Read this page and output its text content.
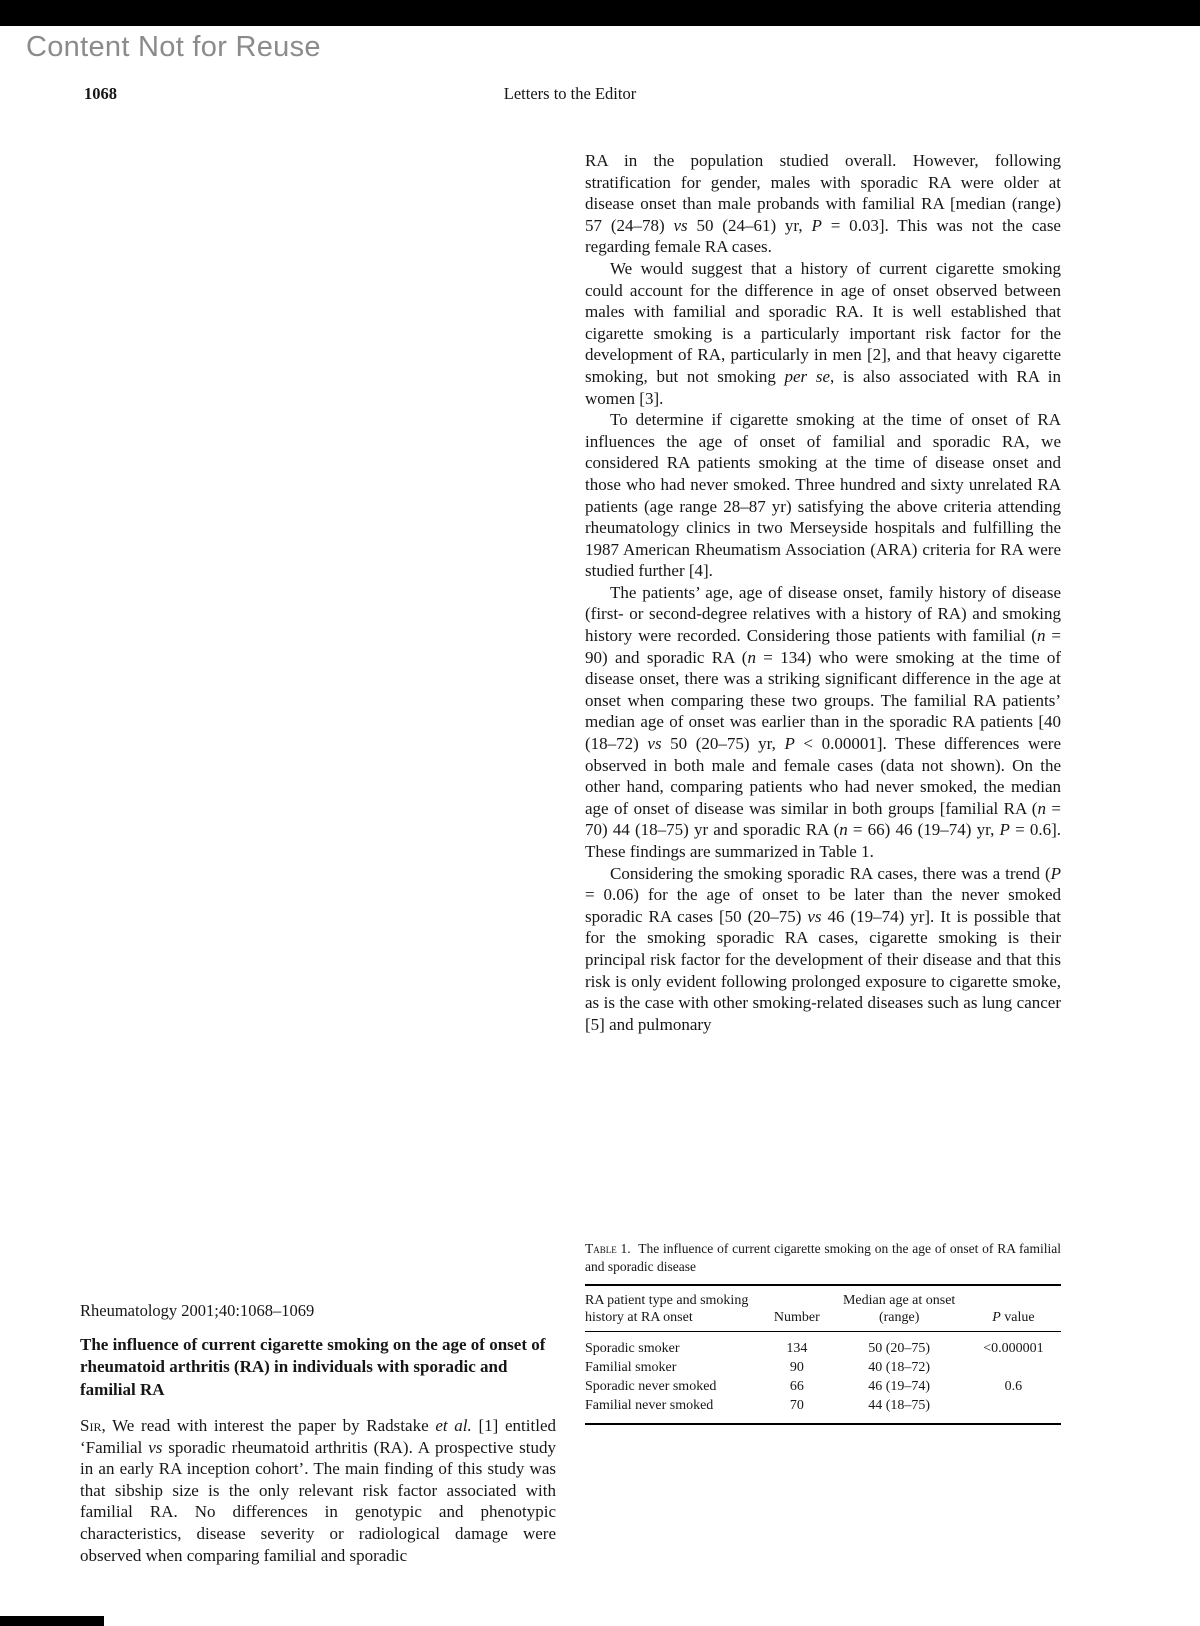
Content Not for Reuse
1068	Letters to the Editor

RA in the population studied overall. However, following stratification for gender, males with sporadic RA were older at disease onset than male probands with familial RA [median (range) 57 (24–78) vs 50 (24–61) yr, P = 0.03]. This was not the case regarding female RA cases.

We would suggest that a history of current cigarette smoking could account for the difference in age of onset observed between males with familial and sporadic RA. It is well established that cigarette smoking is a particularly important risk factor for the development of RA, particularly in men [2], and that heavy cigarette smoking, but not smoking per se, is also associated with RA in women [3].

To determine if cigarette smoking at the time of onset of RA influences the age of onset of familial and sporadic RA, we considered RA patients smoking at the time of disease onset and those who had never smoked. Three hundred and sixty unrelated RA patients (age range 28–87 yr) satisfying the above criteria attending rheumatology clinics in two Merseyside hospitals and fulfilling the 1987 American Rheumatism Association (ARA) criteria for RA were studied further [4].

The patients’ age, age of disease onset, family history of disease (first- or second-degree relatives with a history of RA) and smoking history were recorded. Considering those patients with familial (n = 90) and sporadic RA (n = 134) who were smoking at the time of disease onset, there was a striking significant difference in the age at onset when comparing these two groups. The familial RA patients’ median age of onset was earlier than in the sporadic RA patients [40 (18–72) vs 50 (20–75) yr, P < 0.00001]. These differences were observed in both male and female cases (data not shown). On the other hand, comparing patients who had never smoked, the median age of onset of disease was similar in both groups [familial RA (n = 70) 44 (18–75) yr and sporadic RA (n = 66) 46 (19–74) yr, P = 0.6]. These findings are summarized in Table 1.

Considering the smoking sporadic RA cases, there was a trend (P = 0.06) for the age of onset to be later than the never smoked sporadic RA cases [50 (20–75) vs 46 (19–74) yr]. It is possible that for the smoking sporadic RA cases, cigarette smoking is their principal risk factor for the development of their disease and that this risk is only evident following prolonged exposure to cigarette smoke, as is the case with other smoking-related diseases such as lung cancer [5] and pulmonary

Rheumatology 2001;40:1068–1069
The influence of current cigarette smoking on the age of onset of rheumatoid arthritis (RA) in individuals with sporadic and familial RA

Sir, We read with interest the paper by Radstake et al. [1] entitled ‘Familial vs sporadic rheumatoid arthritis (RA). A prospective study in an early RA inception cohort’. The main finding of this study was that sibship size is the only relevant risk factor associated with familial RA. No differences in genotypic and phenotypic characteristics, disease severity or radiological damage were observed when comparing familial and sporadic

Table 1.  The influence of current cigarette smoking on the age of onset of RA familial and sporadic disease
RA patient type and smoking history at RA onset	Number	Median age at onset (range)	P value
Sporadic smoker	134	50 (20–75)	<0.000001
Familial smoker	90	40 (18–72)	
Sporadic never smoked	66	46 (19–74)	0.6
Familial never smoked	70	44 (18–75)	
